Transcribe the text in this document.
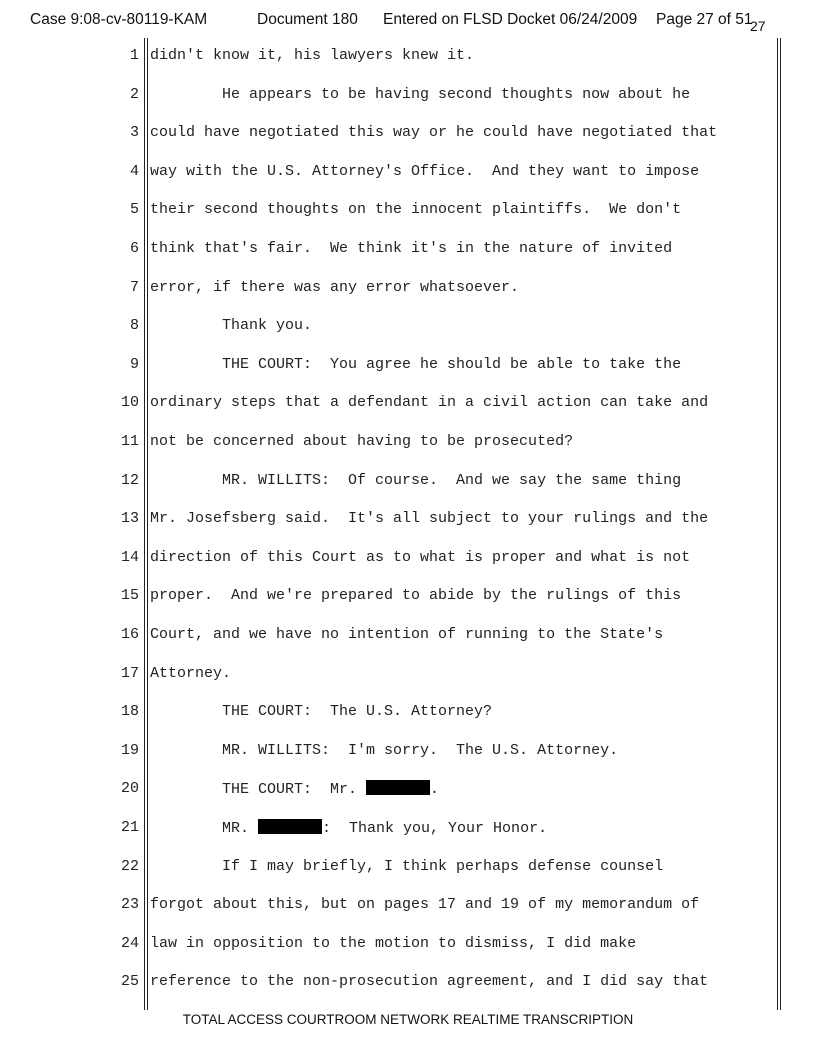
Case 9:08-cv-80119-KAM	Document 180 Entered on FLSD Docket 06/24/2009 Page 27 of 51
27
1 didn't know it, his lawyers knew it.
2 He appears to be having second thoughts now about he
3 could have negotiated this way or he could have negotiated that
4 way with the U.S. Attorney's Office.  And they want to impose
5 their second thoughts on the innocent plaintiffs.  We don't
6 think that's fair.  We think it's in the nature of invited
7 error, if there was any error whatsoever.
8 Thank you.
9 THE COURT:  You agree he should be able to take the
10 ordinary steps that a defendant in a civil action can take and
11 not be concerned about having to be prosecuted?
12 MR. WILLITS:  Of course.  And we say the same thing
13 Mr. Josefsberg said.  It's all subject to your rulings and the
14 direction of this Court as to what is proper and what is not
15 proper.  And we're prepared to abide by the rulings of this
16 Court, and we have no intention of running to the State's
17 Attorney.
18 THE COURT:  The U.S. Attorney?
19 MR. WILLITS:  I'm sorry.  The U.S. Attorney.
20 THE COURT:  Mr.	.
21 MR.	:  Thank you, Your Honor.
22 If I may briefly, I think perhaps defense counsel
23 forgot about this, but on pages 17 and 19 of my memorandum of
24 law in opposition to the motion to dismiss, I did make
25 reference to the non-prosecution agreement, and I did say that
TOTAL ACCESS COURTROOM NETWORK REALTIME TRANSCRIPTION
